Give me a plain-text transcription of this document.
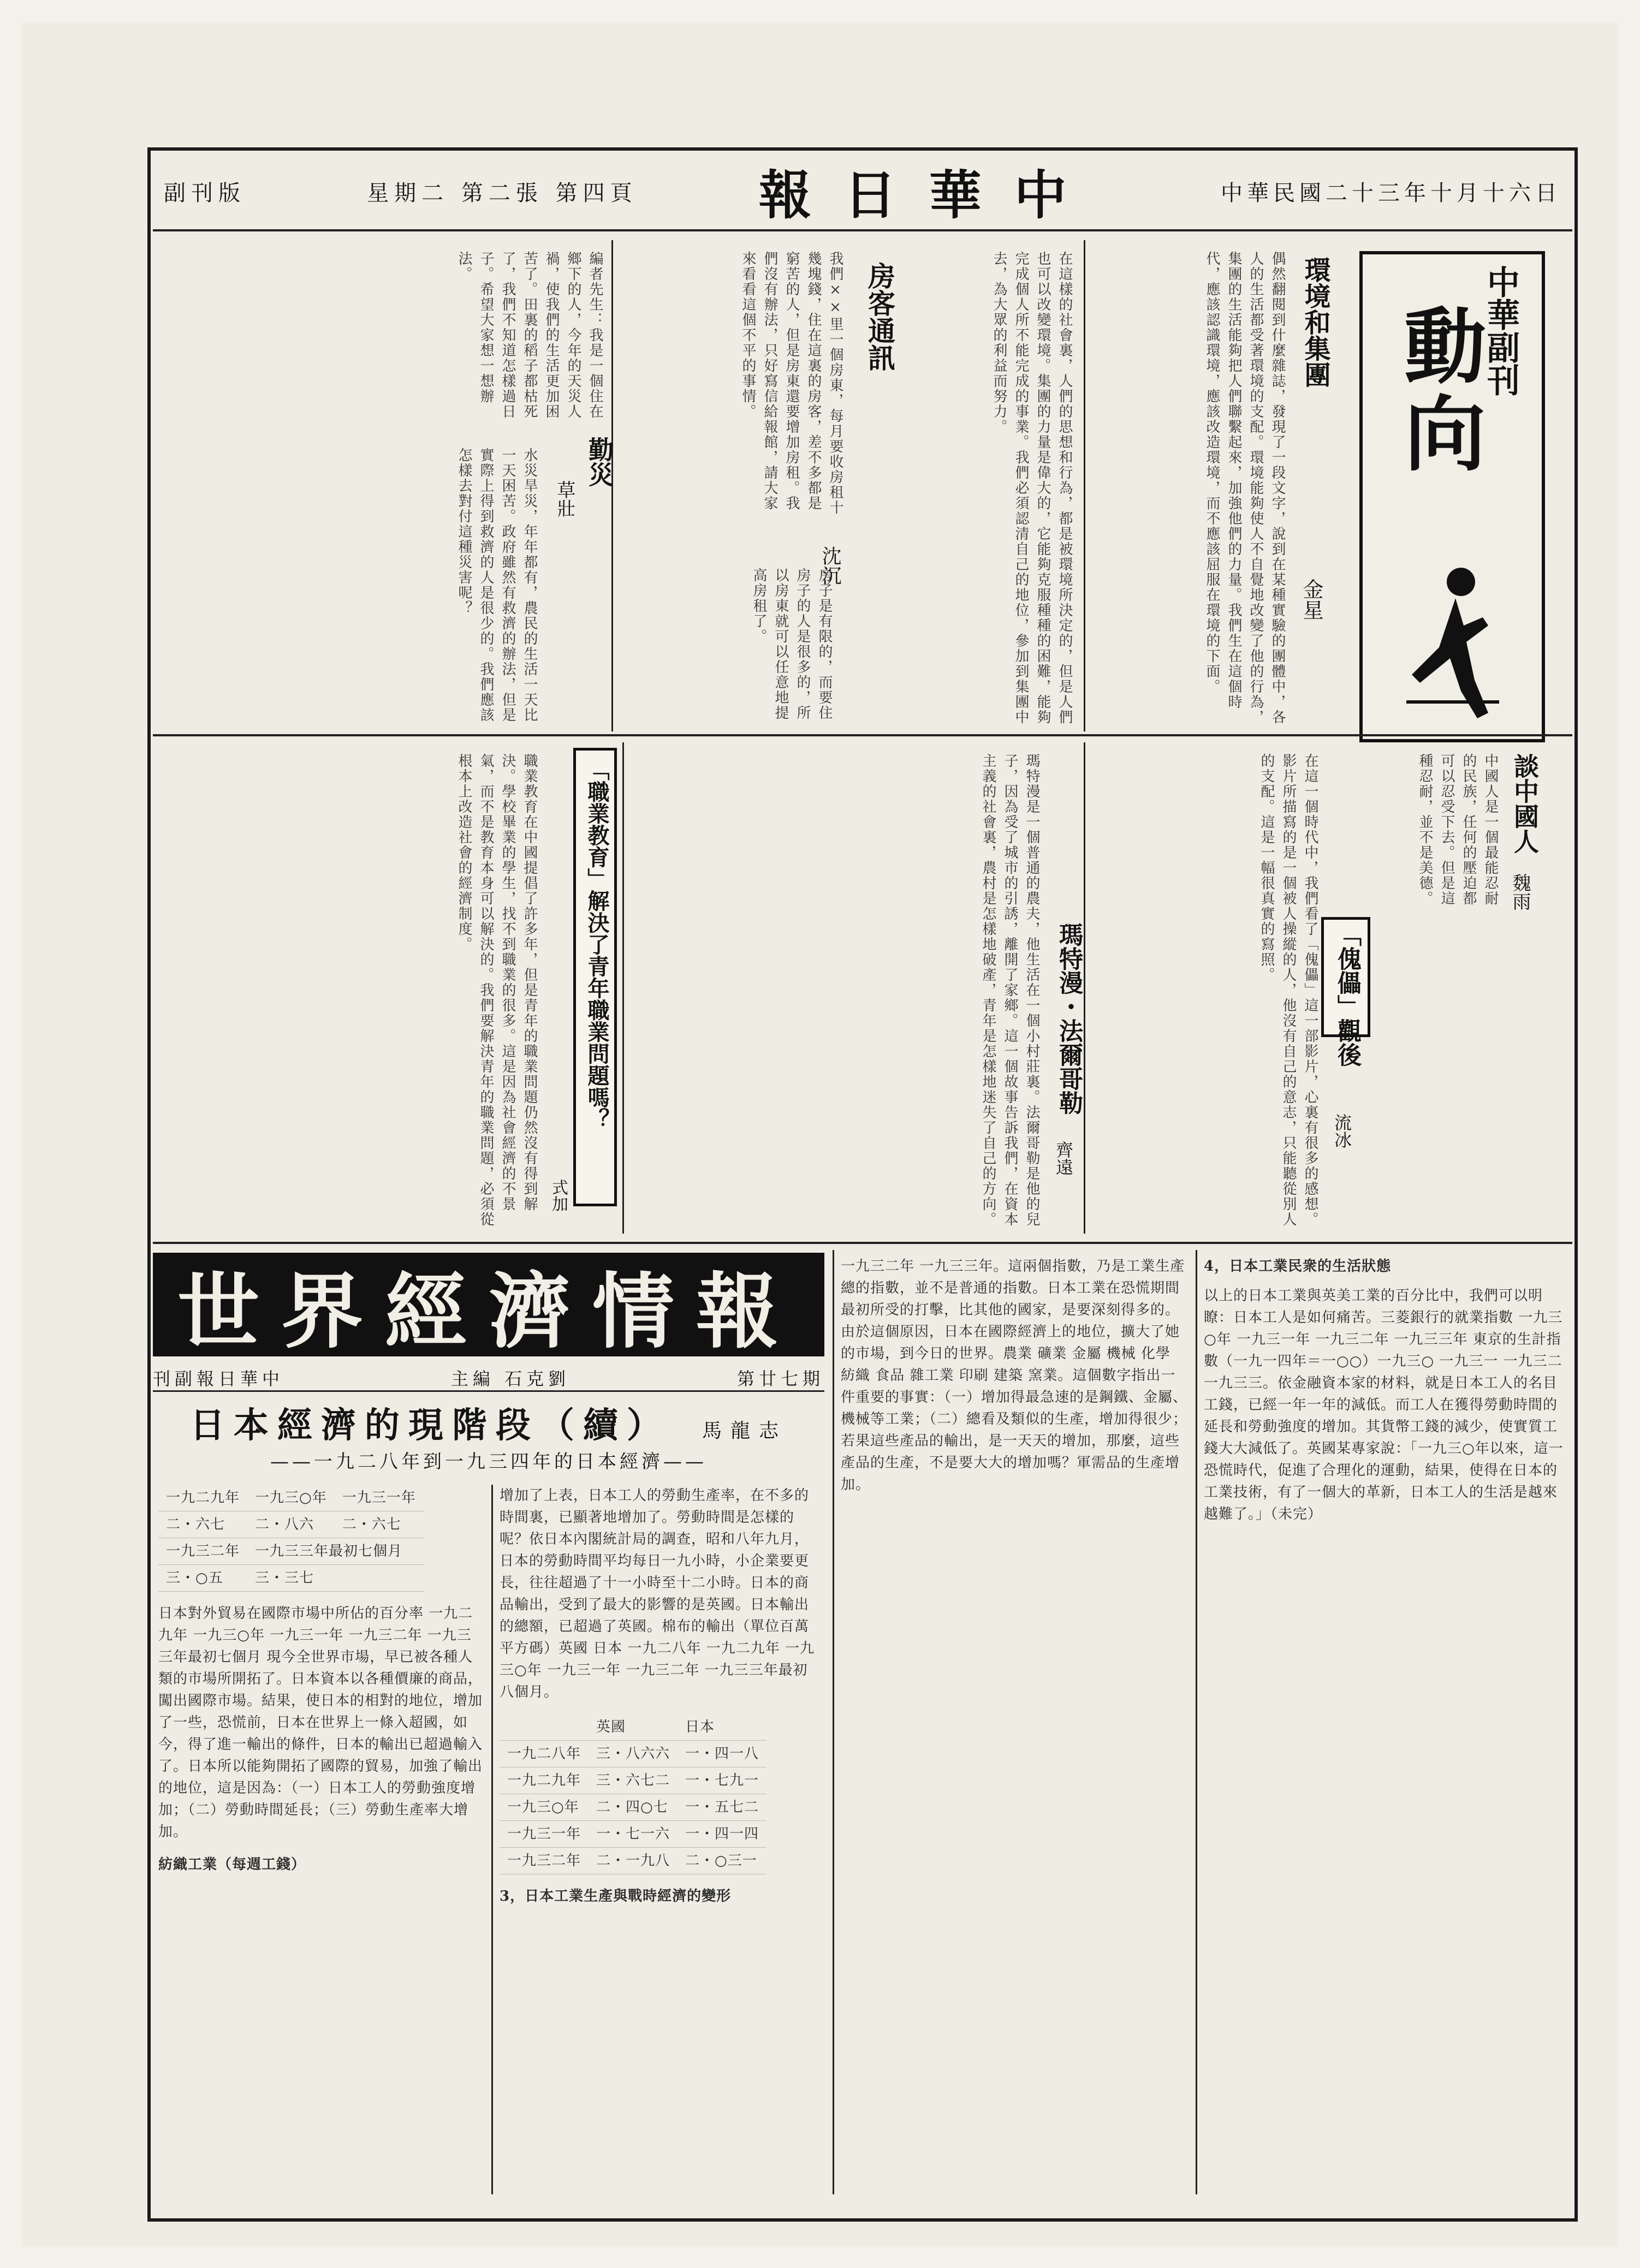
副刊版	星期二 第二張 第四頁 報日華中	中華民國二十三年十月十六日
中華副刊
動向
環境和集團
金星
偶然翻閱到什麼雜誌，發現了一段文字，說到在某種實驗的團體中，各人的生活都受著環境的支配。環境能夠使人不自覺地改變了他的行為，集團的生活能夠把人們聯繫起來，加強他們的力量。我們生在這個時代，應該認識環境，應該改造環境，而不應該屈服在環境的下面。
在這樣的社會裏，人們的思想和行為，都是被環境所決定的，但是人們也可以改變環境。集團的力量是偉大的，它能夠克服種種的困難，能夠完成個人所不能完成的事業。我們必須認清自己的地位，參加到集團中去，為大眾的利益而努力。
房客通訊
沈沉
我們××里一個房東，每月要收房租十幾塊錢，住在這裏的房客，差不多都是窮苦的人，但是房東還要增加房租。我們沒有辦法，只好寫信給報館，請大家來看看這個不平的事情。
房子是有限的，而要住房子的人是很多的，所以房東就可以任意地提高房租了。
勤災
草壯
編者先生：我是一個住在鄉下的人，今年的天災人禍，使我們的生活更加困苦了。田裏的稻子都枯死了，我們不知道怎樣過日子。希望大家想一想辦法。
水災旱災，年年都有，農民的生活一天比一天困苦。政府雖然有救濟的辦法，但是實際上得到救濟的人是很少的。我們應該怎樣去對付這種災害呢？
談中國人
魏雨
中國人是一個最能忍耐的民族，任何的壓迫都可以忍受下去。但是這種忍耐，並不是美德。
「傀儡」觀後
流冰
在這一個時代中，我們看了「傀儡」這一部影片，心裏有很多的感想。影片所描寫的是一個被人操縱的人，他沒有自己的意志，只能聽從別人的支配。這是一幅很真實的寫照。
瑪特漫・法爾哥勒
齊遠
瑪特漫是一個普通的農夫，他生活在一個小村莊裏。法爾哥勒是他的兒子，因為受了城市的引誘，離開了家鄉。這一個故事告訴我們，在資本主義的社會裏，農村是怎樣地破產，青年是怎樣地迷失了自己的方向。
「職業教育」解決了青年職業問題嗎？
式加
職業教育在中國提倡了許多年，但是青年的職業問題仍然沒有得到解決。學校畢業的學生，找不到職業的很多。這是因為社會經濟的不景氣，而不是教育本身可以解決的。我們要解決青年的職業問題，必須從根本上改造社會的經濟制度。
世界經濟情報
刊副報日華中	主編 石克劉	第廿七期
日本經濟的現階段（續） 馬龍志
——一九二八年到一九三四年的日本經濟——
一九二九年	一九三○年	一九三一年
二・六七	二・八六	二・六七
一九三二年	一九三三年最初七個月	
三・○五	三・三七	

日本對外貿易在國際市場中所佔的百分率 一九二九年 一九三○年 一九三一年 一九三二年 一九三三年最初七個月 現今全世界市場，早已被各種人類的市場所開拓了。日本資本以各種價廉的商品，闖出國際市場。結果，使日本的相對的地位，增加了一些，恐慌前，日本在世界上一條入超國，如今，得了進一輸出的條件，日本的輸出已超過輸入了。日本所以能夠開拓了國際的貿易，加強了輸出的地位，這是因為：（一）日本工人的勞動強度增加；（二）勞動時間延長；（三）勞動生產率大增加。

紡織工業（每週工錢）

增加了上表，日本工人的勞動生產率，在不多的時間裏，已顯著地增加了。勞動時間是怎樣的呢？依日本內閣統計局的調查，昭和八年九月，日本的勞動時間平均每日一九小時，小企業要更長，往往超過了十一小時至十二小時。日本的商品輸出，受到了最大的影響的是英國。日本輸出的總額，已超過了英國。棉布的輸出（單位百萬平方碼）英國 日本 一九二八年 一九二九年 一九三○年 一九三一年 一九三二年 一九三三年最初八個月。

	英國	日本
一九二八年	三・八六六	一・四一八
一九二九年	三・六七二	一・七九一
一九三○年	二・四○七	一・五七二
一九三一年	一・七一六	一・四一四
一九三二年	二・一九八	二・○三一

3，日本工業生產與戰時經濟的變形

一九三二年 一九三三年。這兩個指數，乃是工業生產總的指數，並不是普通的指數。日本工業在恐慌期間最初所受的打擊，比其他的國家，是要深刻得多的。由於這個原因，日本在國際經濟上的地位，擴大了她的市場，到今日的世界。農業 礦業 金屬 機械 化學 紡織 食品 雜工業 印刷 建築 窯業。這個數字指出一件重要的事實：（一）增加得最急速的是鋼鐵、金屬、機械等工業；（二）總看及類似的生產，增加得很少；若果這些產品的輸出，是一天天的增加，那麼，這些產品的生產，不是要大大的增加嗎？軍需品的生產增加。

4，日本工業民衆的生活狀態

以上的日本工業與英美工業的百分比中，我們可以明瞭：日本工人是如何痛苦。三菱銀行的就業指數 一九三○年 一九三一年 一九三二年 一九三三年 東京的生計指數（一九一四年＝一○○）一九三○ 一九三一 一九三二 一九三三。依金融資本家的材料，就是日本工人的名目工錢，已經一年一年的減低。而工人在獲得勞動時間的延長和勞動強度的增加。其貨幣工錢的減少，使實質工錢大大減低了。英國某專家說：「一九三○年以來，這一恐慌時代，促進了合理化的運動，結果，使得在日本的工業技術，有了一個大的革新，日本工人的生活是越來越難了。」（未完）
